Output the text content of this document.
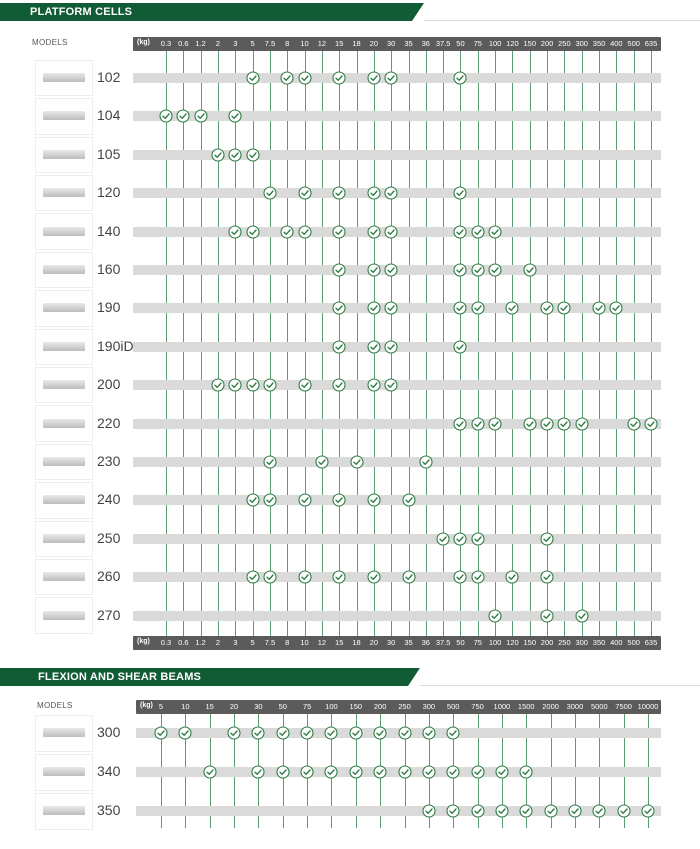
PLATFORM CELLS
MODELS	(kg) 0.3 0.6 1.2 2 3 5 7.5 8 10 12 15 18 20 30 35 36 37.5 50 75 100 120 150 200 250 300 350 400 500 635
(kg) 0.3 0.6 1.2 2 3 5 7.5 8 10 12 15 18 20 30 35 36 37.5 50 75 100 120 150 200 250 300 350 400 500 635
102
104
105
120
140
160
190
190iD
200
220
230
240
250
260
270
FLEXION AND SHEAR BEAMS
MODELS	(kg) 5 10 15 20 30 50 75 100 150 200 250 300 500 750 1000 1500 2000 3000 5000 7500 10000
300
340
350
